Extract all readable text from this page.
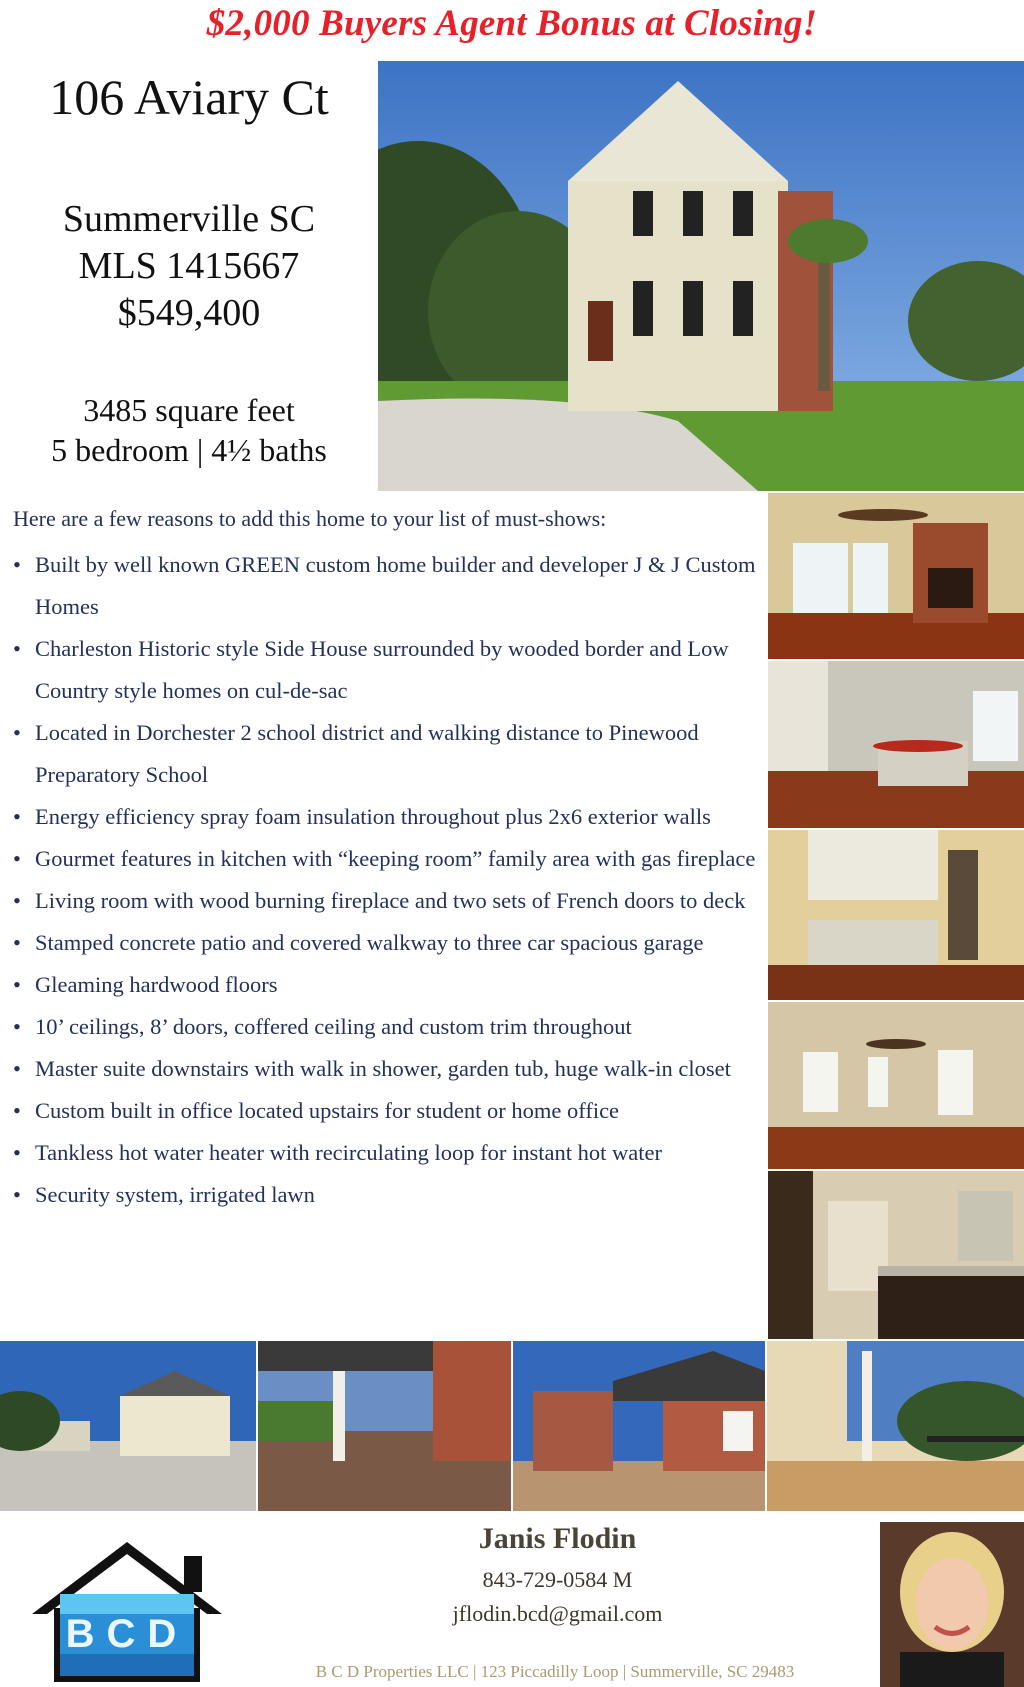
$2,000 Buyers Agent Bonus at Closing!
106 Aviary Ct
Summerville SC
MLS 1415667
$549,400
3485 square feet
5 bedroom | 4½ baths
Here are a few reasons to add this home to your list of must-shows:
• Built by well known GREEN custom home builder and developer J & J Custom Homes
• Charleston Historic style Side House surrounded by wooded border and Low Country style homes on cul-de-sac
• Located in Dorchester 2 school district and walking distance to Pinewood Preparatory School
• Energy efficiency spray foam insulation throughout plus 2x6 exterior walls
• Gourmet features in kitchen with “keeping room” family area with gas fireplace
• Living room with wood burning fireplace and two sets of French doors to deck
• Stamped concrete patio and covered walkway to three car spacious garage
• Gleaming hardwood floors
• 10’ ceilings, 8’ doors, coffered ceiling and custom trim throughout
• Master suite downstairs with walk in shower, garden tub, huge walk-in closet
• Custom built in office located upstairs for student or home office
• Tankless hot water heater with recirculating loop for instant hot water
• Security system, irrigated lawn
BCD
Janis Flodin
843-729-0584 M
jflodin.bcd@gmail.com
B C D Properties LLC | 123 Piccadilly Loop | Summerville, SC 29483
